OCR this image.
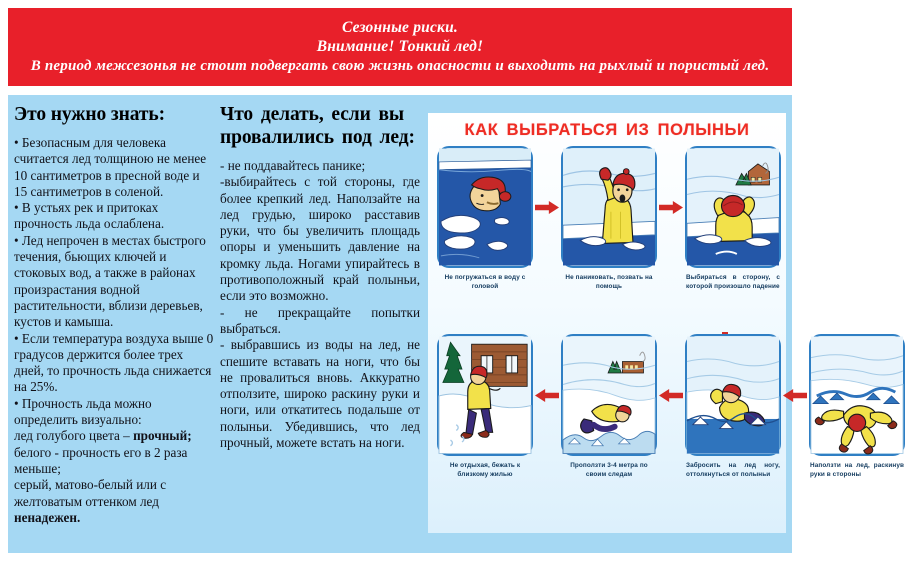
Сезонные риски.
Внимание! Тонкий лед!
В период межсезонья не стоит подвергать свою жизнь опасности и выходить на рыхлый и пористый лед.
Это нужно знать:

• Безопасным для человека считается лед толщиною не менее 10 сантиметров в пресной воде и 15 сантиметров в соленой.

• В устьях рек и притоках прочность льда ослаблена.

• Лед непрочен в местах быстрого течения, бьющих ключей и стоковых вод, а также в районах произрастания водной растительности, вблизи деревьев, кустов и камыша.

• Если температура воздуха выше 0 градусов держится более трех дней, то прочность льда снижается на 25%.

• Прочность льда можно определить визуально:

лед голубого цвета – прочный;

белого - прочность его в 2 раза меньше;

серый, матово-белый или с желтоватым оттенком лед ненадежен.

Что делать, если вы провалились под лед:

- не поддавайтесь панике;

-выбирайтесь с той стороны, где более крепкий лед. Наползайте на лед грудью, широко расставив руки, что бы увеличить площадь опоры и уменьшить давление на кромку льда. Ногами упирайтесь в противоположный край полыньи, если это возможно.

- не прекращайте попытки выбраться.

- выбравшись из воды на лед, не спешите вставать на ноги, что бы не провалиться вновь. Аккуратно отползите, широко раскину руки и ноги, или откатитесь подальше от полыньи. Убедившись, что лед прочный, можете встать на ноги.

КАК ВЫБРАТЬСЯ ИЗ ПОЛЫНЬИ
Не погружаться в воду с головой
Не паниковать, позвать на помощь
Выбираться в сторону, с которой произошло падение
Не отдыхая, бежать к близкому жилью
Проползти 3-4 метра по своим следам
Забросить на лед ногу, оттолкнуться от полыньи
Наползти на лед, раскинув руки в стороны
